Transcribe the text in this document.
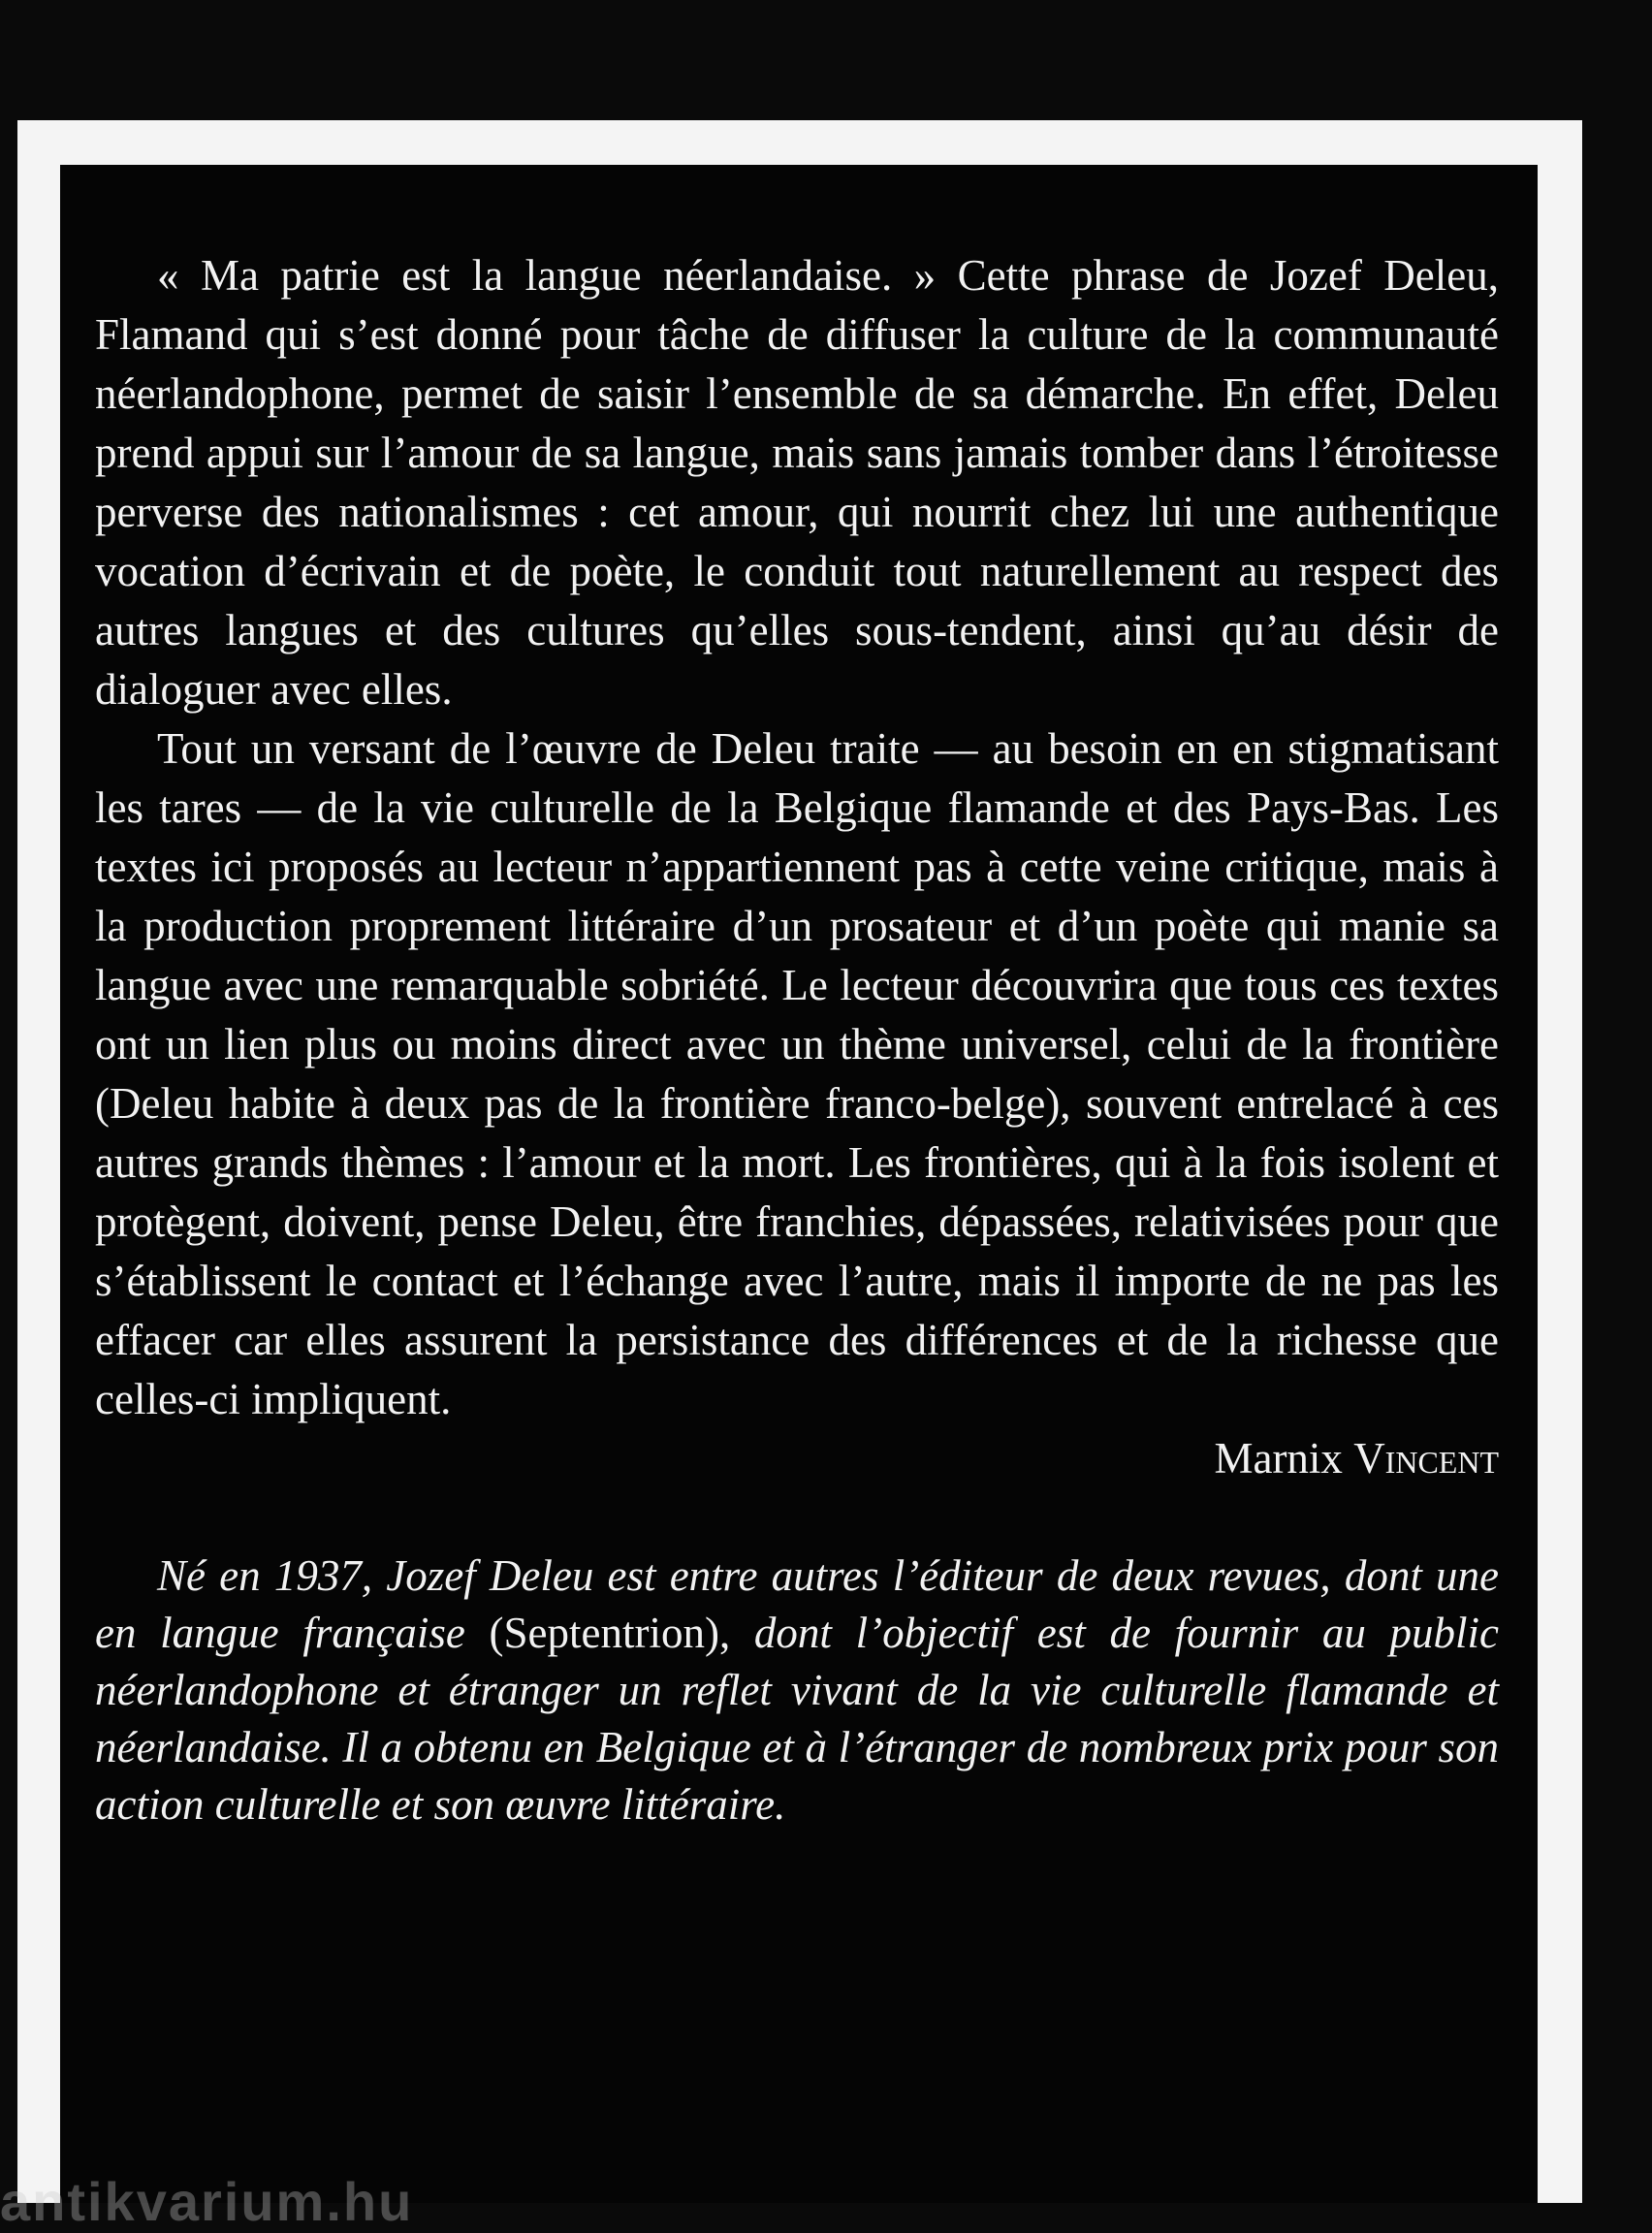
« Ma patrie est la langue néerlandaise. » Cette phrase de Jozef Deleu, Flamand qui s’est donné pour tâche de diffuser la culture de la communauté néerlandophone, permet de saisir l’ensemble de sa démarche. En effet, Deleu prend appui sur l’amour de sa langue, mais sans jamais tomber dans l’étroitesse perverse des nationalismes : cet amour, qui nourrit chez lui une authentique vocation d’écrivain et de poète, le conduit tout naturellement au respect des autres langues et des cultures qu’elles sous-tendent, ainsi qu’au désir de dialoguer avec elles.

Tout un versant de l’œuvre de Deleu traite — au besoin en en stigmatisant les tares — de la vie culturelle de la Belgique flamande et des Pays-Bas. Les textes ici proposés au lecteur n’appartiennent pas à cette veine critique, mais à la production proprement littéraire d’un prosateur et d’un poète qui manie sa langue avec une remarquable sobriété. Le lecteur découvrira que tous ces textes ont un lien plus ou moins direct avec un thème universel, celui de la frontière (Deleu habite à deux pas de la frontière franco-belge), souvent entrelacé à ces autres grands thèmes : l’amour et la mort. Les frontières, qui à la fois isolent et protègent, doivent, pense Deleu, être franchies, dépassées, relativisées pour que s’établissent le contact et l’échange avec l’autre, mais il importe de ne pas les effacer car elles assurent la persistance des différences et de la richesse que celles-ci impliquent.

Marnix Vincent

Né en 1937, Jozef Deleu est entre autres l’éditeur de deux revues, dont une en langue française (Septentrion), dont l’objectif est de fournir au public néerlandophone et étranger un reflet vivant de la vie culturelle flamande et néerlandaise. Il a obtenu en Belgique et à l’étranger de nombreux prix pour son action culturelle et son œuvre littéraire.

antikvarium.hu
